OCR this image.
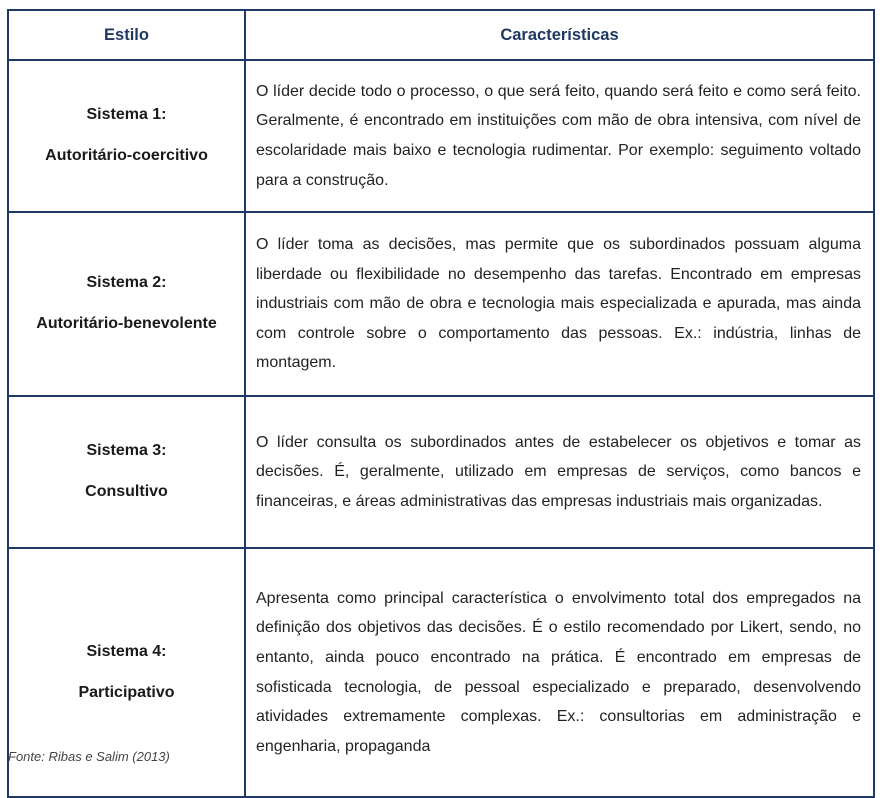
Estilo	Características

Sistema 1:
Autoritário-coercitivo	O líder decide todo o processo, o que será feito, quando será feito e como será feito. Geralmente, é encontrado em instituições com mão de obra intensiva, com nível de escolaridade mais baixo e tecnologia rudimentar. Por exemplo: seguimento voltado para a construção.

Sistema 2:
Autoritário-benevolente	O líder toma as decisões, mas permite que os subordinados possuam alguma liberdade ou flexibilidade no desempenho das tarefas. Encontrado em empresas industriais com mão de obra e tecnologia mais especializada e apurada, mas ainda com controle sobre o comportamento das pessoas. Ex.: indústria, linhas de montagem.

Sistema 3:
Consultivo	O líder consulta os subordinados antes de estabelecer os objetivos e tomar as decisões. É, geralmente, utilizado em empresas de serviços, como bancos e financeiras, e áreas administrativas das empresas industriais mais organizadas.

Sistema 4:
Participativo	Apresenta como principal característica o envolvimento total dos empregados na definição dos objetivos das decisões. É o estilo recomendado por Likert, sendo, no entanto, ainda pouco encontrado na prática. É encontrado em empresas de sofisticada tecnologia, de pessoal especializado e preparado, desenvolvendo atividades extremamente complexas. Ex.: consultorias em administração e engenharia, propaganda
Fonte: Ribas e Salim (2013)
